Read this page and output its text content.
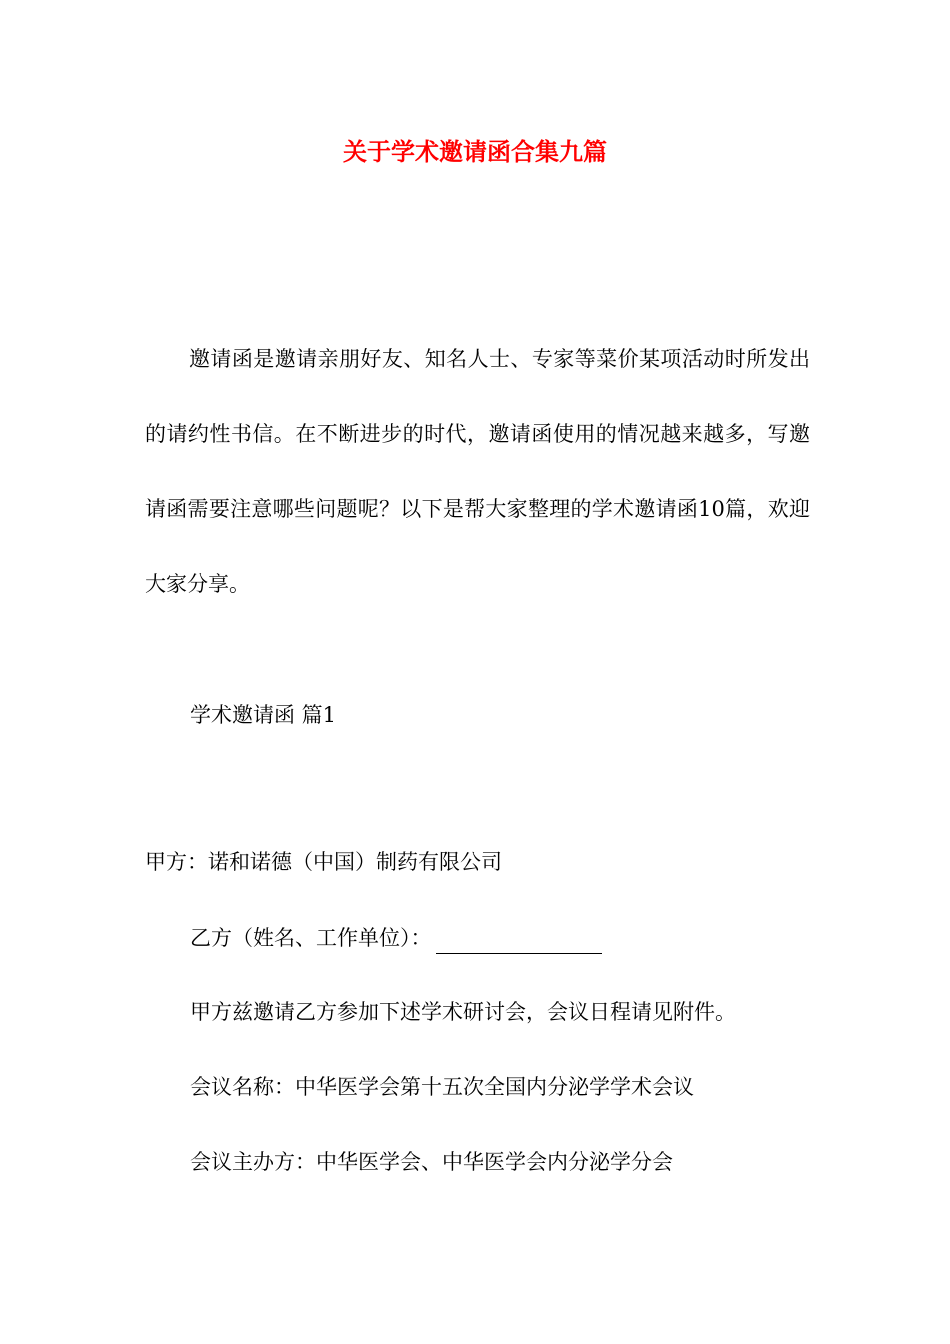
关于学术邀请函合集九篇

邀请函是邀请亲朋好友、知名人士、专家等菜价某项活动时所发出的请约性书信。在不断进步的时代，邀请函使用的情况越来越多，写邀请函需要注意哪些问题呢？以下是帮大家整理的学术邀请函10篇，欢迎大家分享。

学术邀请函 篇1
甲方：诺和诺德（中国）制药有限公司
乙方（姓名、工作单位）：
甲方兹邀请乙方参加下述学术研讨会，会议日程请见附件。
会议名称：中华医学会第十五次全国内分泌学学术会议
会议主办方：中华医学会、中华医学会内分泌学分会
